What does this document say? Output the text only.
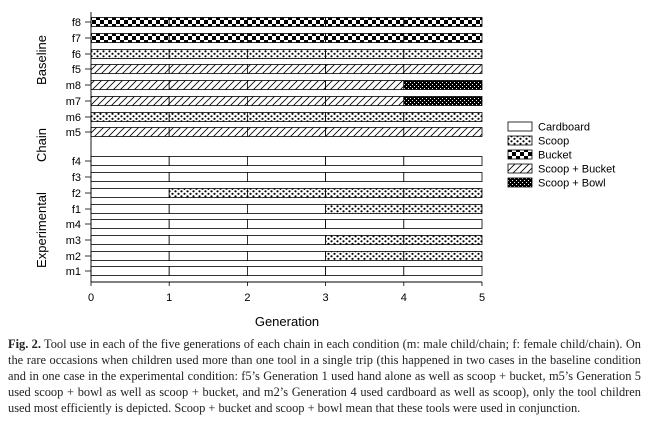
f8
f7
f6
f5
m8
m7
m6
m5
f4
f3
f2
f1
m4
m3
m2
m1
Baseline
Chain
Experimental
0	1	2	3	4	5
Cardboard
Scoop
Bucket
Scoop + Bucket
Scoop + Bowl
Generation
Fig. 2. Tool use in each of the five generations of each chain in each condition (m: male child/chain; f: female child/chain). On the rare occasions when children used more than one tool in a single trip (this happened in two cases in the baseline condition and in one case in the experimental condition: f5’s Generation 1 used hand alone as well as scoop + bucket, m5’s Generation 5 used scoop + bowl as well as scoop + bucket, and m2’s Generation 4 used cardboard as well as scoop), only the tool children used most efficiently is depicted. Scoop + bucket and scoop + bowl mean that these tools were used in conjunction.
